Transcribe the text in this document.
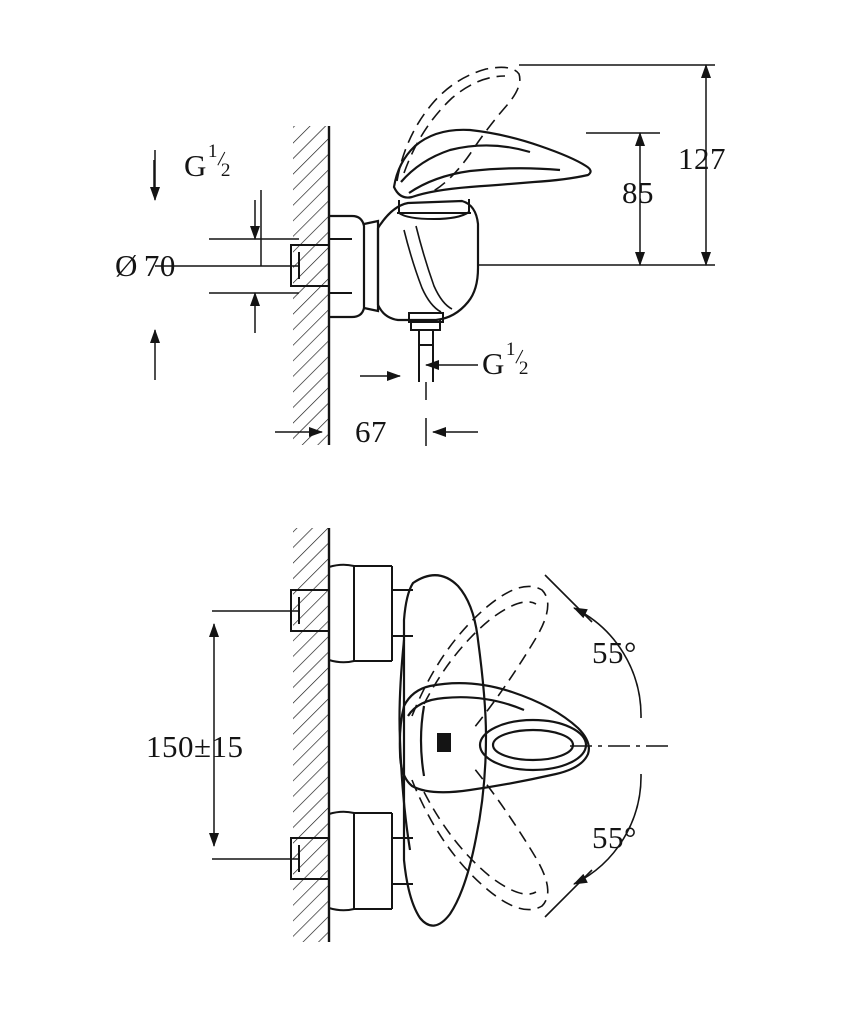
G 1
2
Ø 70
127
85
G 1
2
67
150±15
55°
55°
